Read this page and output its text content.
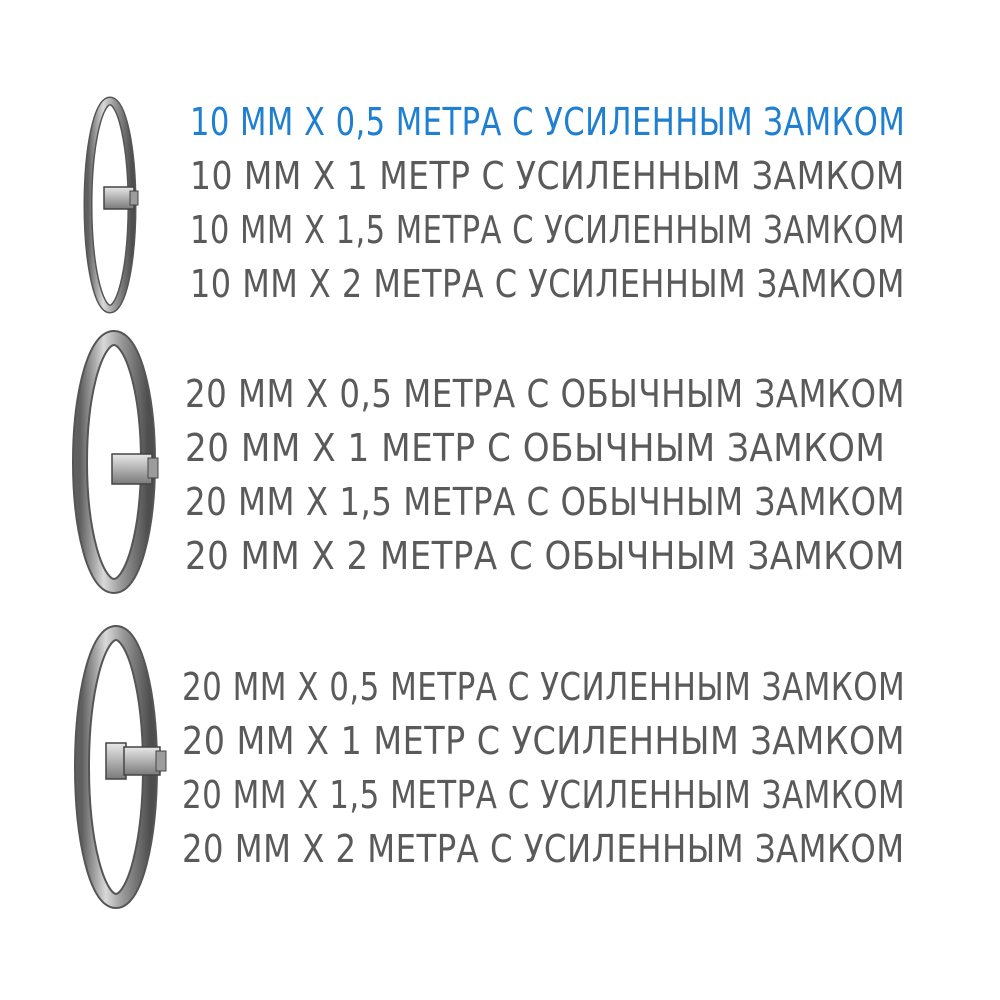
10 ММ Х 0,5 МЕТРА С УСИЛЕННЫМ ЗАМКОМ
10 ММ Х 1 МЕТР С УСИЛЕННЫМ ЗАМКОМ
10 ММ Х 1,5 МЕТРА С УСИЛЕННЫМ ЗАМКОМ
10 ММ Х 2 МЕТРА С УСИЛЕННЫМ ЗАМКОМ
20 ММ Х 0,5 МЕТРА С ОБЫЧНЫМ ЗАМКОМ
20 ММ Х 1 МЕТР С ОБЫЧНЫМ ЗАМКОМ
20 ММ Х 1,5 МЕТРА С ОБЫЧНЫМ ЗАМКОМ
20 ММ Х 2 МЕТРА С ОБЫЧНЫМ ЗАМКОМ
20 ММ Х 0,5 МЕТРА С УСИЛЕННЫМ ЗАМКОМ
20 ММ Х 1 МЕТР С УСИЛЕННЫМ ЗАМКОМ
20 ММ Х 1,5 МЕТРА С УСИЛЕННЫМ ЗАМКОМ
20 ММ Х 2 МЕТРА С УСИЛЕННЫМ ЗАМКОМ
